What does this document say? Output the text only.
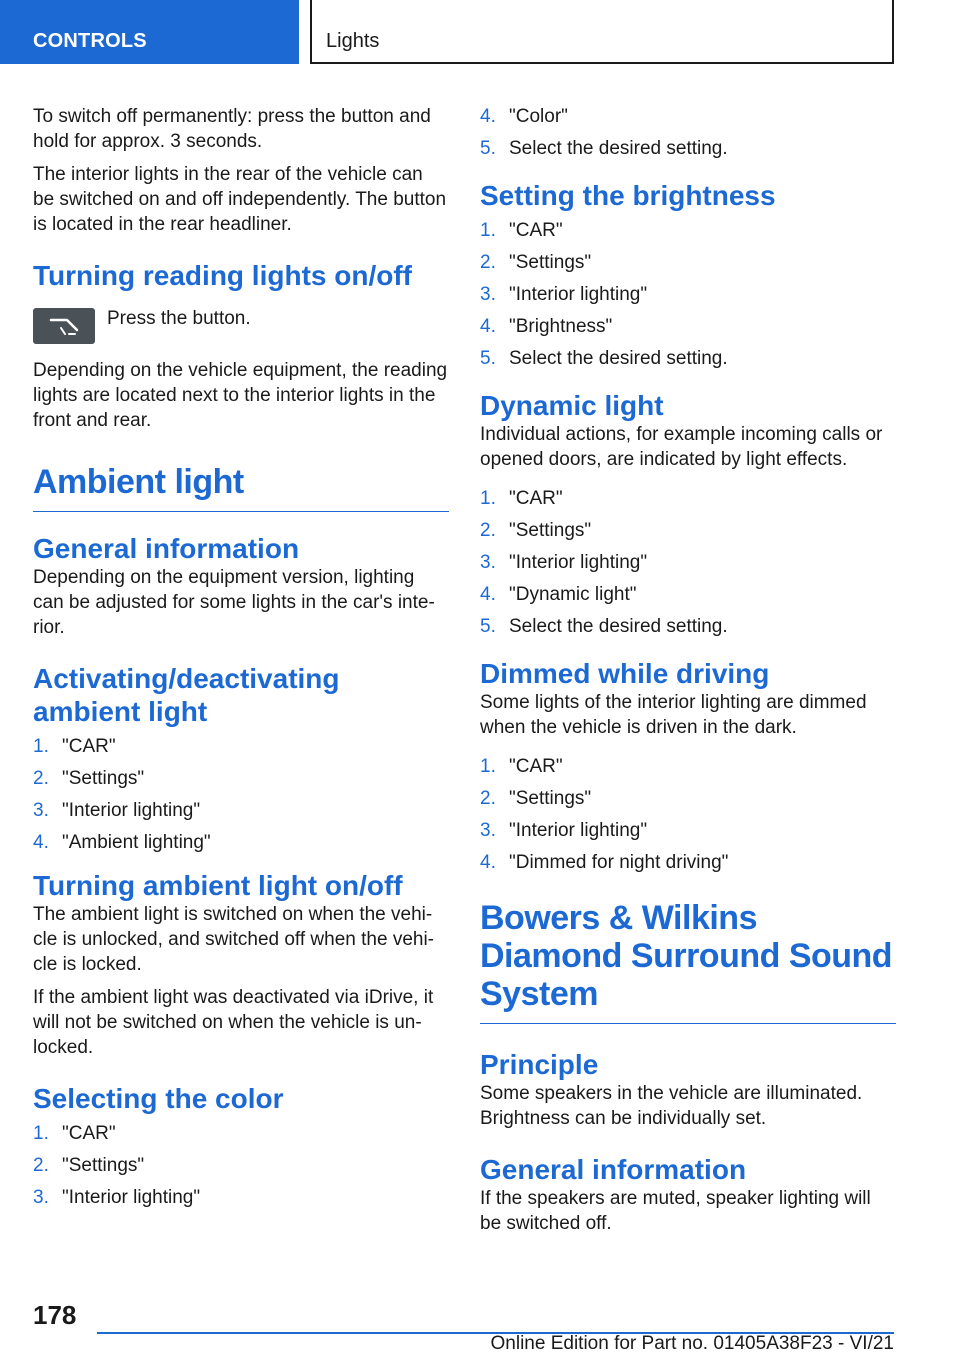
CONTROLS	Lights

To switch off permanently: press the button and hold for approx. 3 seconds.

The interior lights in the rear of the vehicle can be switched on and off independently. The button is located in the rear headliner.

Turning reading lights on/off
Press the button.

Depending on the vehicle equipment, the reading lights are located next to the interior lights in the front and rear.

Ambient light
General information

Depending on the equipment version, lighting can be adjusted for some lights in the car's interior.

Activating/deactivating ambient light
1. "CAR"
2. "Settings"
3. "Interior lighting"
4. "Ambient lighting"
Turning ambient light on/off

The ambient light is switched on when the vehicle is unlocked, and switched off when the vehicle is locked.

If the ambient light was deactivated via iDrive, it will not be switched on when the vehicle is unlocked.

Selecting the color
1. "CAR"
2. "Settings"
3. "Interior lighting"
4. "Color"
5. Select the desired setting.
Setting the brightness
1. "CAR"
2. "Settings"
3. "Interior lighting"
4. "Brightness"
5. Select the desired setting.
Dynamic light

Individual actions, for example incoming calls or opened doors, are indicated by light effects.

1. "CAR"
2. "Settings"
3. "Interior lighting"
4. "Dynamic light"
5. Select the desired setting.
Dimmed while driving

Some lights of the interior lighting are dimmed when the vehicle is driven in the dark.

1. "CAR"
2. "Settings"
3. "Interior lighting"
4. "Dimmed for night driving"
Bowers & Wilkins Diamond Surround Sound System
Principle

Some speakers in the vehicle are illuminated.

Brightness can be individually set.

General information

If the speakers are muted, speaker lighting will be switched off.

178
Online Edition for Part no. 01405A38F23 - VI/21
